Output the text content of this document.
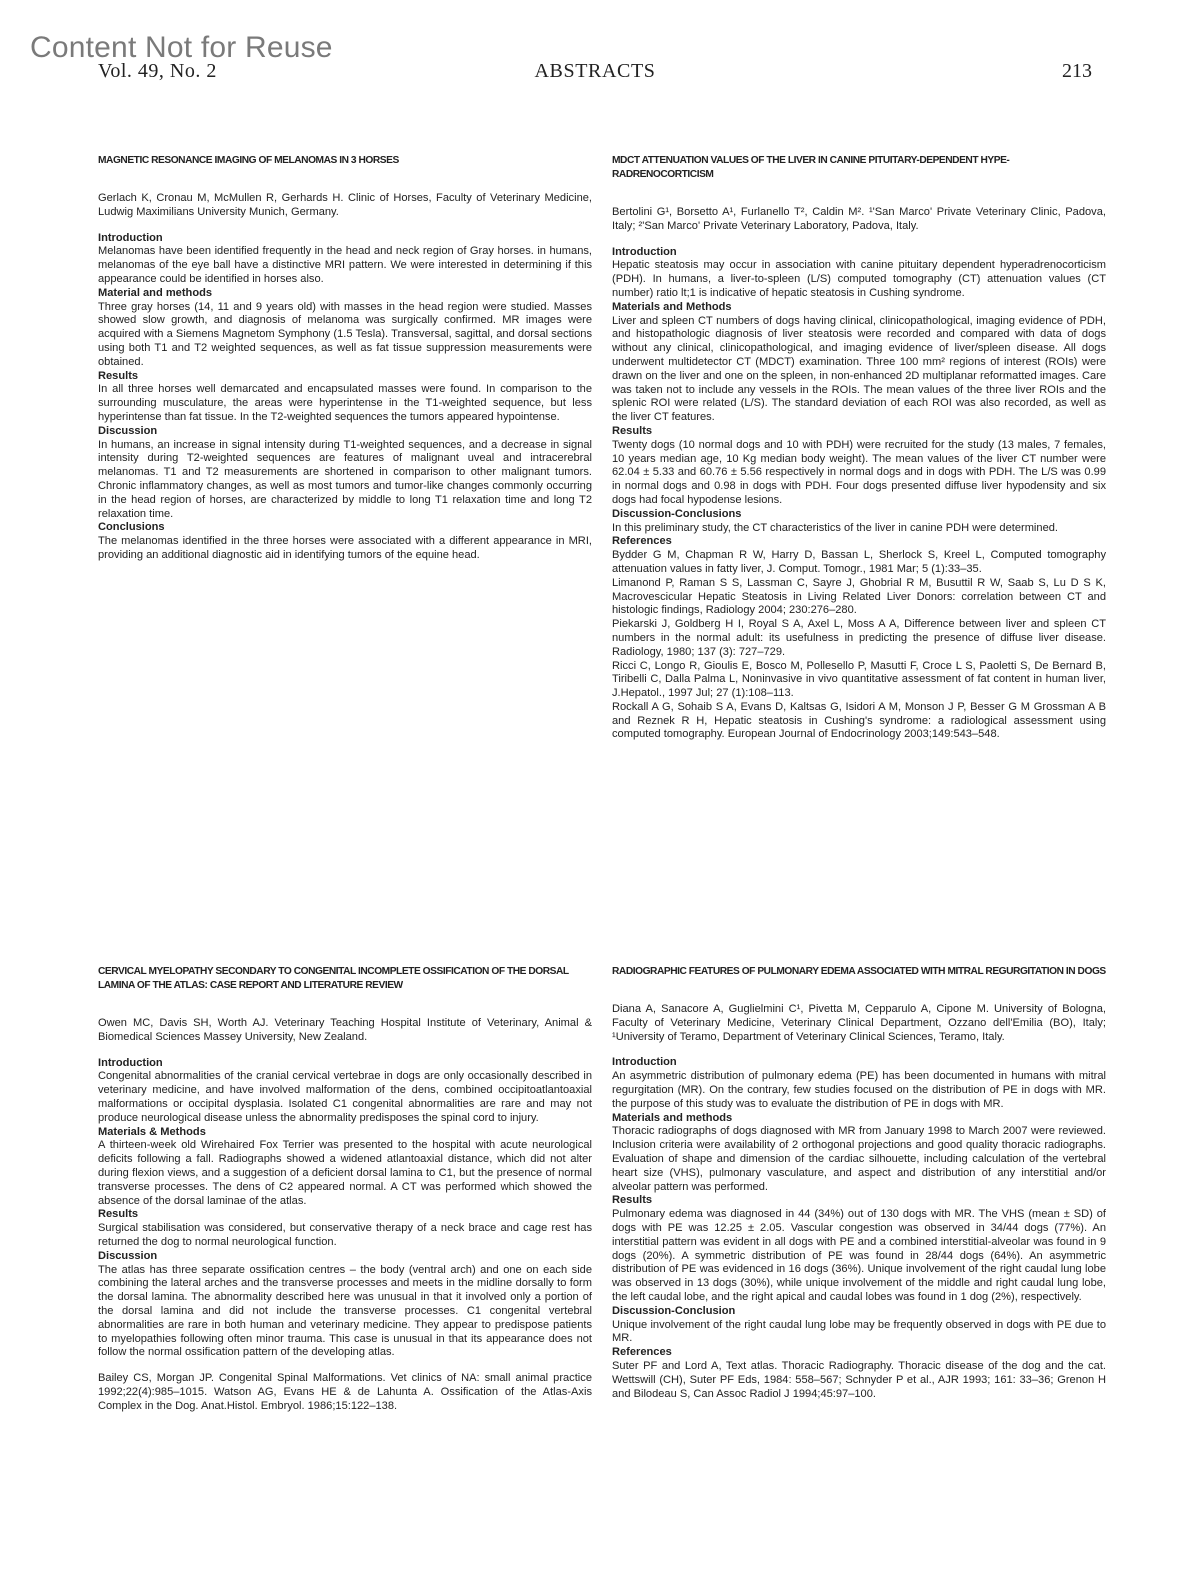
Content Not for Reuse
Vol. 49, No. 2	ABSTRACTS	213

MAGNETIC RESONANCE IMAGING OF MELANOMAS IN 3 HORSES

Gerlach K, Cronau M, McMullen R, Gerhards H. Clinic of Horses, Faculty of Veterinary Medicine, Ludwig Maximilians University Munich, Germany.

Introduction

Melanomas have been identified frequently in the head and neck region of Gray horses. in humans, melanomas of the eye ball have a distinctive MRI pattern. We were interested in determining if this appearance could be identified in horses also.

Material and methods

Three gray horses (14, 11 and 9 years old) with masses in the head region were studied. Masses showed slow growth, and diagnosis of melanoma was surgically confirmed. MR images were acquired with a Siemens Magnetom Symphony (1.5 Tesla). Transversal, sagittal, and dorsal sections using both T1 and T2 weighted sequences, as well as fat tissue suppression measurements were obtained.

Results

In all three horses well demarcated and encapsulated masses were found. In comparison to the surrounding musculature, the areas were hyperintense in the T1-weighted sequence, but less hyperintense than fat tissue. In the T2-weighted sequences the tumors appeared hypointense.

Discussion

In humans, an increase in signal intensity during T1-weighted sequences, and a decrease in signal intensity during T2-weighted sequences are features of malignant uveal and intracerebral melanomas. T1 and T2 measurements are shortened in comparison to other malignant tumors. Chronic inflammatory changes, as well as most tumors and tumor-like changes commonly occurring in the head region of horses, are characterized by middle to long T1 relaxation time and long T2 relaxation time.

Conclusions

The melanomas identified in the three horses were associated with a different appearance in MRI, providing an additional diagnostic aid in identifying tumors of the equine head.

MDCT ATTENUATION VALUES OF THE LIVER IN CANINE PITUITARY-DEPENDENT HYPE-RADRENOCORTICISM

Bertolini G¹, Borsetto A¹, Furlanello T², Caldin M². ¹'San Marco' Private Veterinary Clinic, Padova, Italy; ²'San Marco' Private Veterinary Laboratory, Padova, Italy.

Introduction

Hepatic steatosis may occur in association with canine pituitary dependent hyperadrenocorticism (PDH). In humans, a liver-to-spleen (L/S) computed tomography (CT) attenuation values (CT number) ratio lt;1 is indicative of hepatic steatosis in Cushing syndrome.

Materials and Methods

Liver and spleen CT numbers of dogs having clinical, clinicopathological, imaging evidence of PDH, and histopathologic diagnosis of liver steatosis were recorded and compared with data of dogs without any clinical, clinicopathological, and imaging evidence of liver/spleen disease. All dogs underwent multidetector CT (MDCT) examination. Three 100 mm² regions of interest (ROIs) were drawn on the liver and one on the spleen, in non-enhanced 2D multiplanar reformatted images. Care was taken not to include any vessels in the ROIs. The mean values of the three liver ROIs and the splenic ROI were related (L/S). The standard deviation of each ROI was also recorded, as well as the liver CT features.

Results

Twenty dogs (10 normal dogs and 10 with PDH) were recruited for the study (13 males, 7 females, 10 years median age, 10 Kg median body weight). The mean values of the liver CT number were 62.04 ± 5.33 and 60.76 ± 5.56 respectively in normal dogs and in dogs with PDH. The L/S was 0.99 in normal dogs and 0.98 in dogs with PDH. Four dogs presented diffuse liver hypodensity and six dogs had focal hypodense lesions.

Discussion-Conclusions

In this preliminary study, the CT characteristics of the liver in canine PDH were determined.

References

Bydder G M, Chapman R W, Harry D, Bassan L, Sherlock S, Kreel L, Computed tomography attenuation values in fatty liver, J. Comput. Tomogr., 1981 Mar; 5 (1):33–35.

Limanond P, Raman S S, Lassman C, Sayre J, Ghobrial R M, Busuttil R W, Saab S, Lu D S K, Macrovescicular Hepatic Steatosis in Living Related Liver Donors: correlation between CT and histologic findings, Radiology 2004; 230:276–280.

Piekarski J, Goldberg H I, Royal S A, Axel L, Moss A A, Difference between liver and spleen CT numbers in the normal adult: its usefulness in predicting the presence of diffuse liver disease. Radiology, 1980; 137 (3): 727–729.

Ricci C, Longo R, Gioulis E, Bosco M, Pollesello P, Masutti F, Croce L S, Paoletti S, De Bernard B, Tiribelli C, Dalla Palma L, Noninvasive in vivo quantitative assessment of fat content in human liver, J.Hepatol., 1997 Jul; 27 (1):108–113.

Rockall A G, Sohaib S A, Evans D, Kaltsas G, Isidori A M, Monson J P, Besser G M Grossman A B and Reznek R H, Hepatic steatosis in Cushing's syndrome: a radiological assessment using computed tomography. European Journal of Endocrinology 2003;149:543–548.

CERVICAL MYELOPATHY SECONDARY TO CONGENITAL INCOMPLETE OSSIFICATION OF THE DORSAL LAMINA OF THE ATLAS: CASE REPORT AND LITERATURE REVIEW

Owen MC, Davis SH, Worth AJ. Veterinary Teaching Hospital Institute of Veterinary, Animal & Biomedical Sciences Massey University, New Zealand.

Introduction

Congenital abnormalities of the cranial cervical vertebrae in dogs are only occasionally described in veterinary medicine, and have involved malformation of the dens, combined occipitoatlantoaxial malformations or occipital dysplasia. Isolated C1 congenital abnormalities are rare and may not produce neurological disease unless the abnormality predisposes the spinal cord to injury.

Materials & Methods

A thirteen-week old Wirehaired Fox Terrier was presented to the hospital with acute neurological deficits following a fall. Radiographs showed a widened atlantoaxial distance, which did not alter during flexion views, and a suggestion of a deficient dorsal lamina to C1, but the presence of normal transverse processes. The dens of C2 appeared normal. A CT was performed which showed the absence of the dorsal laminae of the atlas.

Results

Surgical stabilisation was considered, but conservative therapy of a neck brace and cage rest has returned the dog to normal neurological function.

Discussion

The atlas has three separate ossification centres – the body (ventral arch) and one on each side combining the lateral arches and the transverse processes and meets in the midline dorsally to form the dorsal lamina. The abnormality described here was unusual in that it involved only a portion of the dorsal lamina and did not include the transverse processes. C1 congenital vertebral abnormalities are rare in both human and veterinary medicine. They appear to predispose patients to myelopathies following often minor trauma. This case is unusual in that its appearance does not follow the normal ossification pattern of the developing atlas.

Bailey CS, Morgan JP. Congenital Spinal Malformations. Vet clinics of NA: small animal practice 1992;22(4):985–1015. Watson AG, Evans HE & de Lahunta A. Ossification of the Atlas-Axis Complex in the Dog. Anat.Histol. Embryol. 1986;15:122–138.

RADIOGRAPHIC FEATURES OF PULMONARY EDEMA ASSOCIATED WITH MITRAL REGURGITATION IN DOGS

Diana A, Sanacore A, Guglielmini C¹, Pivetta M, Cepparulo A, Cipone M. University of Bologna, Faculty of Veterinary Medicine, Veterinary Clinical Department, Ozzano dell'Emilia (BO), Italy; ¹University of Teramo, Department of Veterinary Clinical Sciences, Teramo, Italy.

Introduction

An asymmetric distribution of pulmonary edema (PE) has been documented in humans with mitral regurgitation (MR). On the contrary, few studies focused on the distribution of PE in dogs with MR. the purpose of this study was to evaluate the distribution of PE in dogs with MR.

Materials and methods

Thoracic radiographs of dogs diagnosed with MR from January 1998 to March 2007 were reviewed. Inclusion criteria were availability of 2 orthogonal projections and good quality thoracic radiographs. Evaluation of shape and dimension of the cardiac silhouette, including calculation of the vertebral heart size (VHS), pulmonary vasculature, and aspect and distribution of any interstitial and/or alveolar pattern was performed.

Results

Pulmonary edema was diagnosed in 44 (34%) out of 130 dogs with MR. The VHS (mean ± SD) of dogs with PE was 12.25 ± 2.05. Vascular congestion was observed in 34/44 dogs (77%). An interstitial pattern was evident in all dogs with PE and a combined interstitial-alveolar was found in 9 dogs (20%). A symmetric distribution of PE was found in 28/44 dogs (64%). An asymmetric distribution of PE was evidenced in 16 dogs (36%). Unique involvement of the right caudal lung lobe was observed in 13 dogs (30%), while unique involvement of the middle and right caudal lung lobe, the left caudal lobe, and the right apical and caudal lobes was found in 1 dog (2%), respectively.

Discussion-Conclusion

Unique involvement of the right caudal lung lobe may be frequently observed in dogs with PE due to MR.

References

Suter PF and Lord A, Text atlas. Thoracic Radiography. Thoracic disease of the dog and the cat. Wettswill (CH), Suter PF Eds, 1984: 558–567; Schnyder P et al., AJR 1993; 161: 33–36; Grenon H and Bilodeau S, Can Assoc Radiol J 1994;45:97–100.
